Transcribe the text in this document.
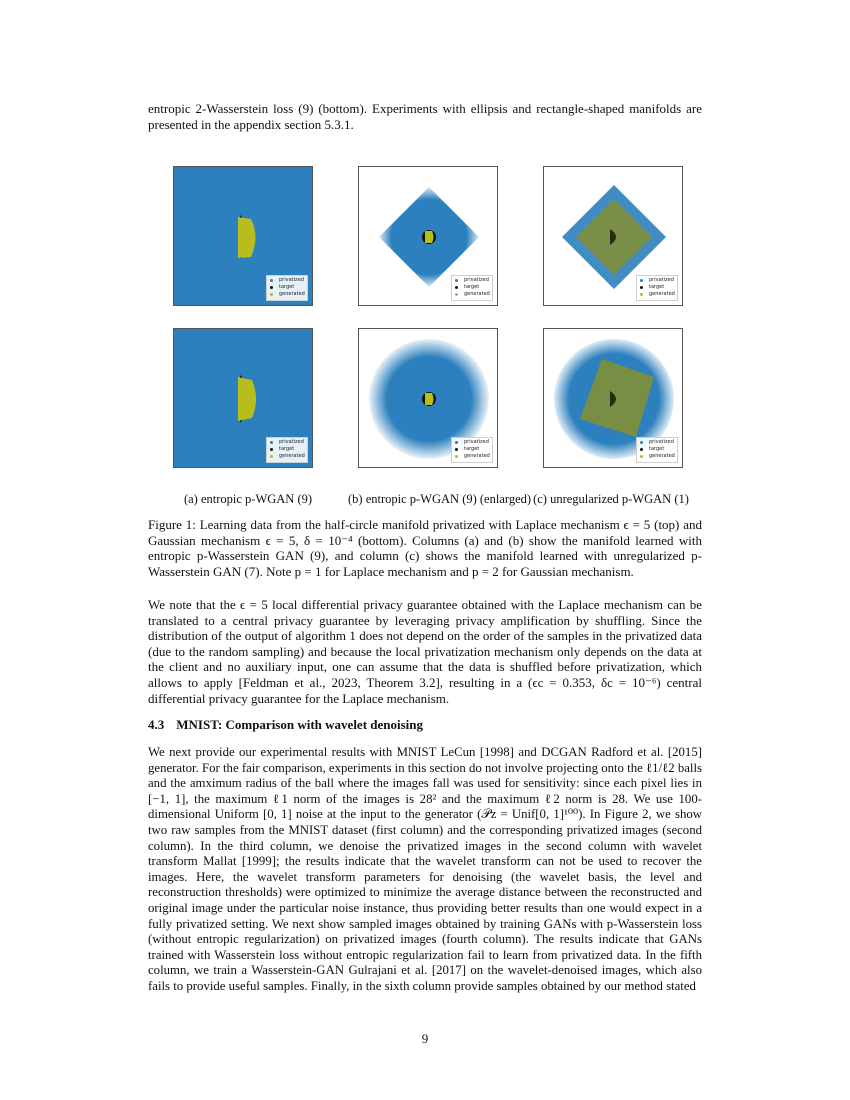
entropic 2-Wasserstein loss (9) (bottom). Experiments with ellipsis and rectangle-shaped manifolds are presented in the appendix section 5.3.1.

privatized
target
generated
privatized
target
generated
privatized
target
generated
privatized
target
generated
privatized
target
generated
privatized
target
generated
(a) entropic p-WGAN (9)	(b) entropic p-WGAN (9) (enlarged) (c) unregularized p-WGAN (1)
Figure 1: Learning data from the half-circle manifold privatized with Laplace mechanism ϵ = 5 (top) and Gaussian mechanism ϵ = 5, δ = 10⁻⁴ (bottom). Columns (a) and (b) show the manifold learned with entropic p-Wasserstein GAN (9), and column (c) shows the manifold learned with unregularized p-Wasserstein GAN (7). Note p = 1 for Laplace mechanism and p = 2 for Gaussian mechanism.

We note that the ϵ = 5 local differential privacy guarantee obtained with the Laplace mechanism can be translated to a central privacy guarantee by leveraging privacy amplification by shuffling. Since the distribution of the output of algorithm 1 does not depend on the order of the samples in the privatized data (due to the random sampling) and because the local privatization mechanism only depends on the data at the client and no auxiliary input, one can assume that the data is shuffled before privatization, which allows to apply [Feldman et al., 2023, Theorem 3.2], resulting in a (ϵc = 0.353, δc = 10⁻⁶) central differential privacy guarantee for the Laplace mechanism.

4.3 MNIST: Comparison with wavelet denoising

We next provide our experimental results with MNIST LeCun [1998] and DCGAN Radford et al. [2015] generator. For the fair comparison, experiments in this section do not involve projecting onto the ℓ1/ℓ2 balls and the amximum radius of the ball where the images fall was used for sensitivity: since each pixel lies in [−1, 1], the maximum ℓ1 norm of the images is 28² and the maximum ℓ2 norm is 28. We use 100-dimensional Uniform [0, 1] noise at the input to the generator (𝒫z = Unif[0, 1]¹⁰⁰). In Figure 2, we show two raw samples from the MNIST dataset (first column) and the corresponding privatized images (second column). In the third column, we denoise the privatized images in the second column with wavelet transform Mallat [1999]; the results indicate that the wavelet transform can not be used to recover the images. Here, the wavelet transform parameters for denoising (the wavelet basis, the level and reconstruction thresholds) were optimized to minimize the average distance between the reconstructed and original image under the particular noise instance, thus providing better results than one would expect in a fully privatized setting. We next show sampled images obtained by training GANs with p-Wasserstein loss (without entropic regularization) on privatized images (fourth column). The results indicate that GANs trained with Wasserstein loss without entropic regularization fail to learn from privatized data. In the fifth column, we train a Wasserstein-GAN Gulrajani et al. [2017] on the wavelet-denoised images, which also fails to provide useful samples. Finally, in the sixth column provide samples obtained by our method stated

9
